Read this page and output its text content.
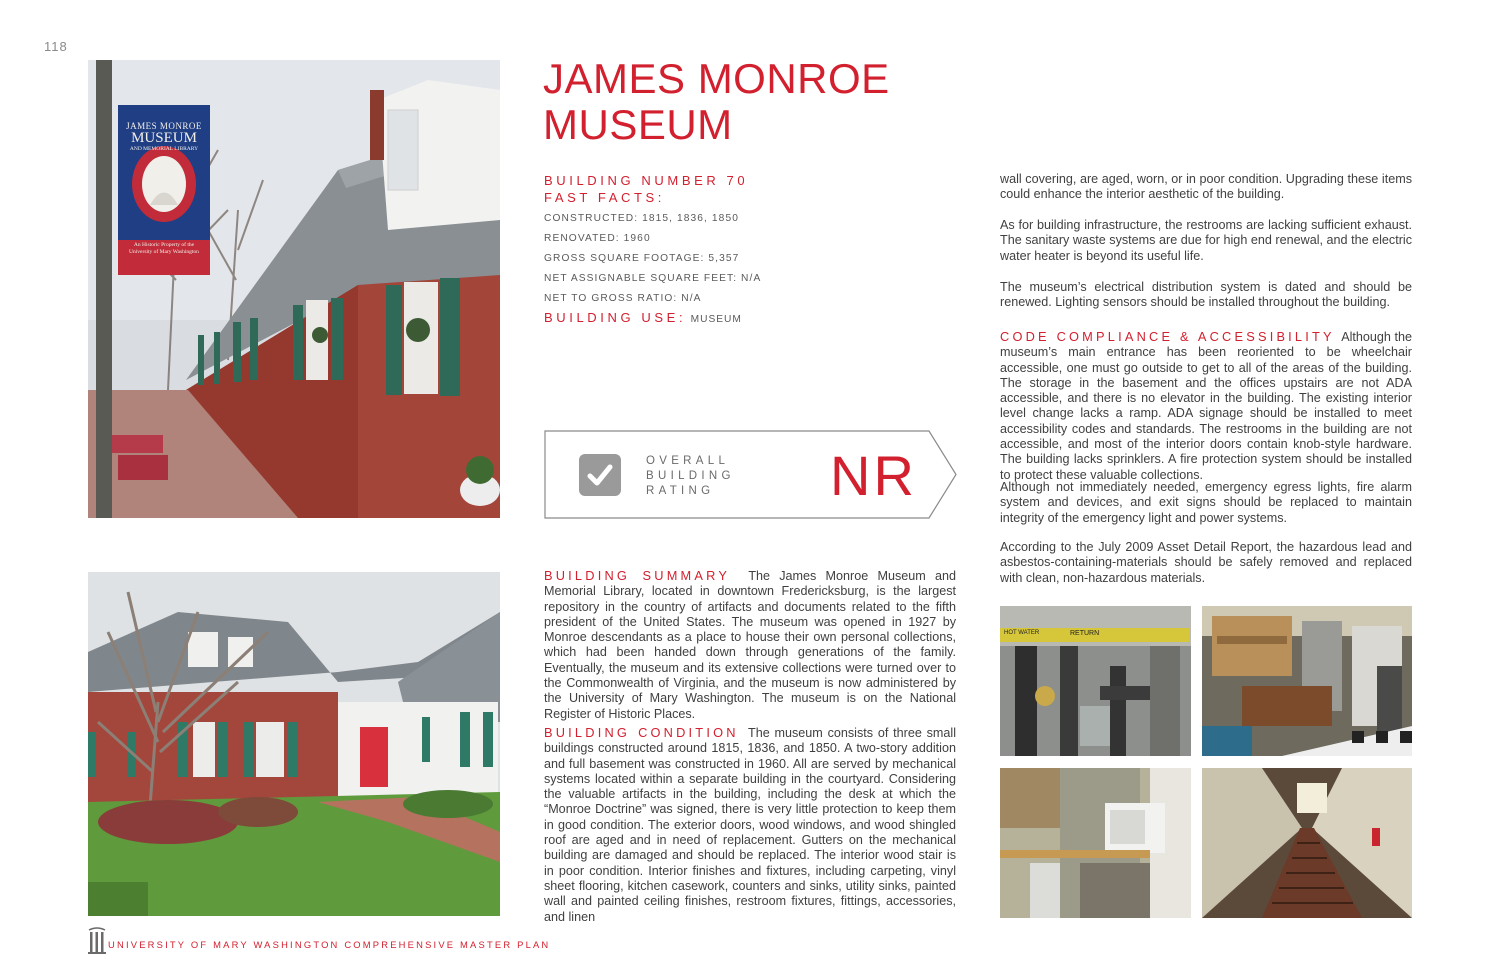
118
JAMES MONROE
MUSEUM
AND MEMORIAL LIBRARY
An Historic Property of the
University of Mary Washington
JAMES MONROE
MUSEUM
BUILDING NUMBER 70
FAST FACTS:
CONSTRUCTED: 1815, 1836, 1850
RENOVATED: 1960
GROSS SQUARE FOOTAGE: 5,357
NET ASSIGNABLE SQUARE FEET: N/A
NET TO GROSS RATIO: N/A
BUILDING USE: MUSEUM
OVERALL
BUILDING
RATING	NR
BUILDING SUMMARY The James Monroe Museum and Memorial Library, located in downtown Fredericksburg, is the largest repository in the country of artifacts and documents related to the fifth president of the United States. The museum was opened in 1927 by Monroe descendants as a place to house their own personal collections, which had been handed down through generations of the family. Eventually, the museum and its extensive collections were turned over to the Commonwealth of Virginia, and the museum is now administered by the University of Mary Washington. The museum is on the National Register of Historic Places.
BUILDING CONDITION The museum consists of three small buildings constructed around 1815, 1836, and 1850. A two-story addition and full basement was constructed in 1960. All are served by mechanical systems located within a separate building in the courtyard. Considering the valuable artifacts in the building, including the desk at which the “Monroe Doctrine” was signed, there is very little protection to keep them in good condition. The exterior doors, wood windows, and wood shingled roof are aged and in need of replacement. Gutters on the mechanical building are damaged and should be replaced. The interior wood stair is in poor condition. Interior finishes and fixtures, including carpeting, vinyl sheet flooring, kitchen casework, counters and sinks, utility sinks, painted wall and painted ceiling finishes, restroom fixtures, fittings, accessories, and linen
wall covering, are aged, worn, or in poor condition. Upgrading these items could enhance the interior aesthetic of the building.
As for building infrastructure, the restrooms are lacking sufficient exhaust. The sanitary waste systems are due for high end renewal, and the electric water heater is beyond its useful life.
The museum’s electrical distribution system is dated and should be renewed. Lighting sensors should be installed throughout the building.
CODE COMPLIANCE & ACCESSIBILITY Although the museum’s main entrance has been reoriented to be wheelchair accessible, one must go outside to get to all of the areas of the building. The storage in the basement and the offices upstairs are not ADA accessible, and there is no elevator in the building. The existing interior level change lacks a ramp. ADA signage should be installed to meet accessibility codes and standards. The restrooms in the building are not accessible, and most of the interior doors contain knob-style hardware. The building lacks sprinklers. A fire protection system should be installed to protect these valuable collections.
Although not immediately needed, emergency egress lights, fire alarm system and devices, and exit signs should be replaced to maintain integrity of the emergency light and power systems.
According to the July 2009 Asset Detail Report, the hazardous lead and asbestos-containing-materials should be safely removed and replaced with clean, non-hazardous materials.
HOT WATER	RETURN
UNIVERSITY OF MARY WASHINGTON COMPREHENSIVE MASTER PLAN
